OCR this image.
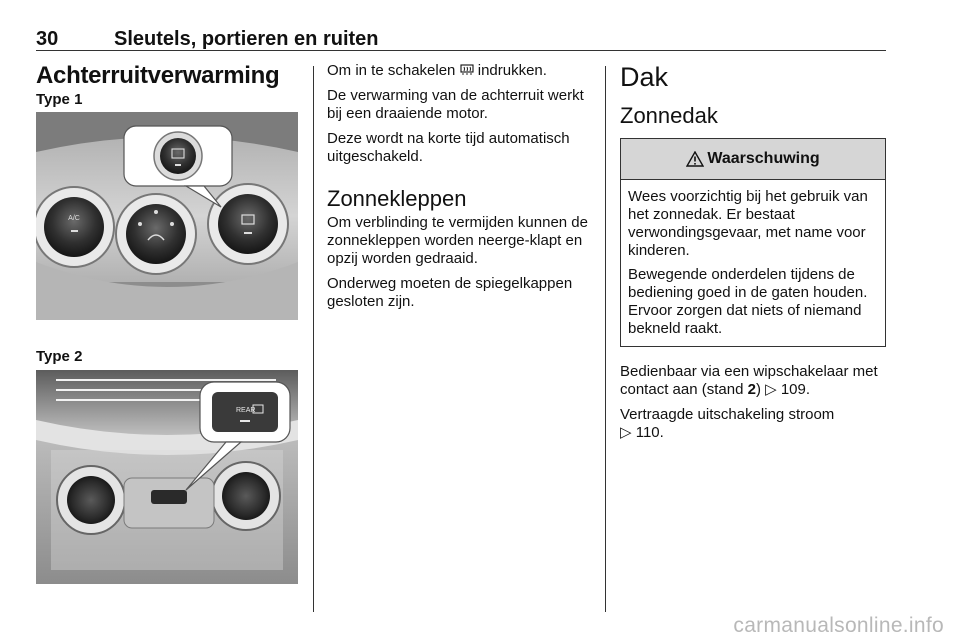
30	Sleutels, portieren en ruiten
Achterruitverwarming
Type 1
A/C
Type 2
REAR

Om in te schakelen  indrukken.

De verwarming van de achterruit werkt bij een draaiende motor.

Deze wordt na korte tijd automatisch uitgeschakeld.

Zonnekleppen

Om verblinding te vermijden kunnen de zonnekleppen worden neerge-klapt en opzij worden gedraaid.

Onderweg moeten de spiegelkappen gesloten zijn.

Dak
Zonnedak
Waarschuwing

Wees voorzichtig bij het gebruik van het zonnedak. Er bestaat verwondingsgevaar, met name voor kinderen.

Bewegende onderdelen tijdens de bediening goed in de gaten houden. Ervoor zorgen dat niets of niemand bekneld raakt.

Bedienbaar via een wipschakelaar met contact aan (stand 2) ▷ 109.

Vertraagde uitschakeling stroom
▷ 110.

carmanualsonline.info
